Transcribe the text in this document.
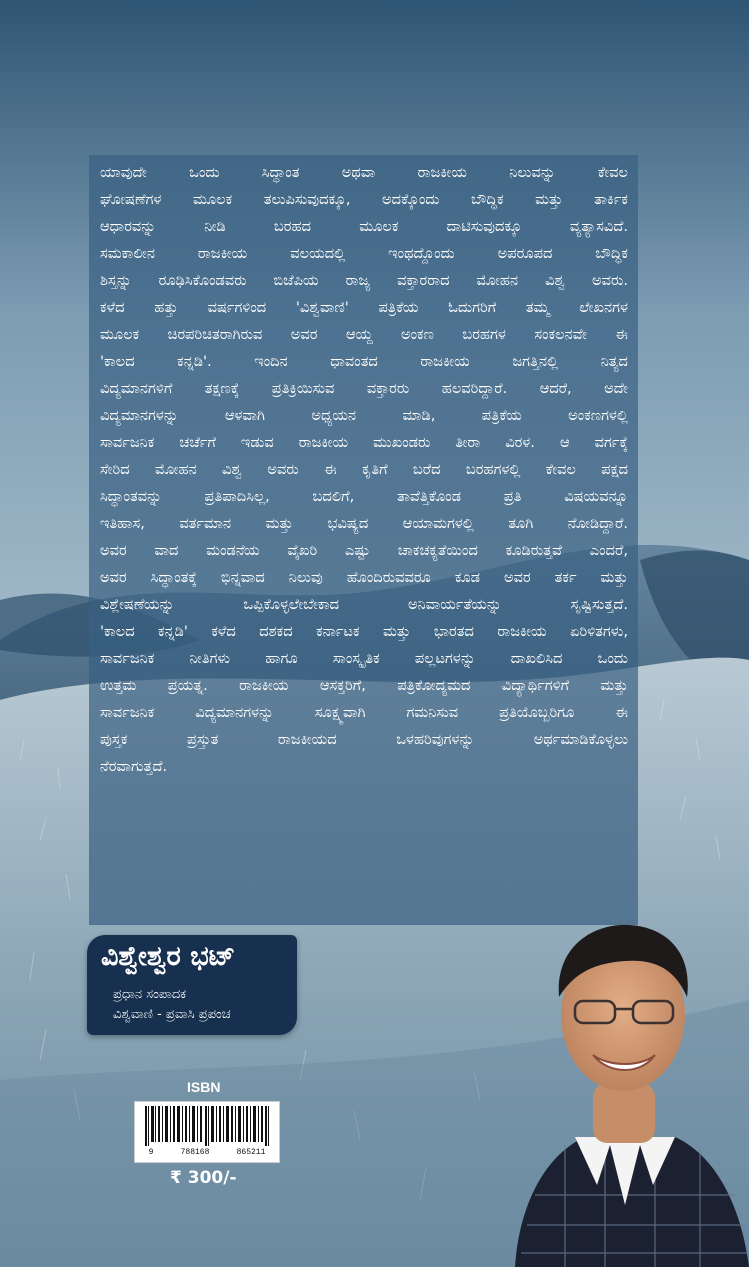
ಯಾವುದೇ ಒಂದು ಸಿದ್ಧಾಂತ ಅಥವಾ ರಾಜಕೀಯ ನಿಲುವನ್ನು ಕೇವಲ

ಘೋಷಣೆಗಳ ಮೂಲಕ ತಲುಪಿಸುವುದಕ್ಕೂ, ಅದಕ್ಕೊಂದು ಬೌದ್ಧಿಕ ಮತ್ತು ತಾರ್ಕಿಕ

ಆಧಾರವನ್ನು ನೀಡಿ ಬರಹದ ಮೂಲಕ ದಾಟಿಸುವುದಕ್ಕೂ ವ್ಯತ್ಯಾಸವಿದೆ.

ಸಮಕಾಲೀನ ರಾಜಕೀಯ ವಲಯದಲ್ಲಿ ಇಂಥದ್ದೊಂದು ಅಪರೂಪದ ಬೌದ್ಧಿಕ

ಶಿಸ್ತನ್ನು ರೂಢಿಸಿಕೊಂಡವರು ಬಿಜೆಪಿಯ ರಾಜ್ಯ ವಕ್ತಾರರಾದ ಮೋಹನ ವಿಶ್ವ ಅವರು.

ಕಳೆದ ಹತ್ತು ವರ್ಷಗಳಿಂದ 'ವಿಶ್ವವಾಣಿ' ಪತ್ರಿಕೆಯ ಓದುಗರಿಗೆ ತಮ್ಮ ಲೇಖನಗಳ

ಮೂಲಕ ಚಿರಪರಿಚಿತರಾಗಿರುವ ಅವರ ಆಯ್ದ ಅಂಕಣ ಬರಹಗಳ ಸಂಕಲನವೇ ಈ

'ಕಾಲದ ಕನ್ನಡಿ'. ಇಂದಿನ ಧಾವಂತದ ರಾಜಕೀಯ ಜಗತ್ತಿನಲ್ಲಿ ನಿತ್ಯದ

ವಿದ್ಯಮಾನಗಳಿಗೆ ತಕ್ಷಣಕ್ಕೆ ಪ್ರತಿಕ್ರಿಯಿಸುವ ವಕ್ತಾರರು ಹಲವರಿದ್ದಾರೆ. ಆದರೆ, ಅದೇ

ವಿದ್ಯಮಾನಗಳನ್ನು ಆಳವಾಗಿ ಅಧ್ಯಯನ ಮಾಡಿ, ಪತ್ರಿಕೆಯ ಅಂಕಣಗಳಲ್ಲಿ

ಸಾರ್ವಜನಿಕ ಚರ್ಚೆಗೆ ಇಡುವ ರಾಜಕೀಯ ಮುಖಂಡರು ತೀರಾ ವಿರಳ. ಆ ವರ್ಗಕ್ಕೆ

ಸೇರಿದ ಮೋಹನ ವಿಶ್ವ ಅವರು ಈ ಕೃತಿಗೆ ಬರೆದ ಬರಹಗಳಲ್ಲಿ ಕೇವಲ ಪಕ್ಷದ

ಸಿದ್ಧಾಂತವನ್ನು ಪ್ರತಿಪಾದಿಸಿಲ್ಲ, ಬದಲಿಗೆ, ತಾವೆತ್ತಿಕೊಂಡ ಪ್ರತಿ ವಿಷಯವನ್ನೂ

ಇತಿಹಾಸ, ವರ್ತಮಾನ ಮತ್ತು ಭವಿಷ್ಯದ ಆಯಾಮಗಳಲ್ಲಿ ತೂಗಿ ನೋಡಿದ್ದಾರೆ.

ಅವರ ವಾದ ಮಂಡನೆಯ ವೈಖರಿ ಎಷ್ಟು ಚಾಕಚಕ್ಯತೆಯಿಂದ ಕೂಡಿರುತ್ತವೆ ಎಂದರೆ,

ಅವರ ಸಿದ್ಧಾಂತಕ್ಕೆ ಭಿನ್ನವಾದ ನಿಲುವು ಹೊಂದಿರುವವರೂ ಕೂಡ ಅವರ ತರ್ಕ ಮತ್ತು

ವಿಶ್ಲೇಷಣೆಯನ್ನು ಒಪ್ಪಿಕೊಳ್ಳಲೇಬೇಕಾದ ಅನಿವಾರ್ಯತೆಯನ್ನು ಸೃಷ್ಟಿಸುತ್ತದೆ.

'ಕಾಲದ ಕನ್ನಡಿ' ಕಳೆದ ದಶಕದ ಕರ್ನಾಟಕ ಮತ್ತು ಭಾರತದ ರಾಜಕೀಯ ಏರಿಳಿತಗಳು,

ಸಾರ್ವಜನಿಕ ನೀತಿಗಳು ಹಾಗೂ ಸಾಂಸ್ಕೃತಿಕ ಪಲ್ಲಟಗಳನ್ನು ದಾಖಲಿಸಿದ ಒಂದು

ಉತ್ತಮ ಪ್ರಯತ್ನ. ರಾಜಕೀಯ ಆಸಕ್ತರಿಗೆ, ಪತ್ರಿಕೋದ್ಯಮದ ವಿದ್ಯಾರ್ಥಿಗಳಿಗೆ ಮತ್ತು

ಸಾರ್ವಜನಿಕ ವಿದ್ಯಮಾನಗಳನ್ನು ಸೂಕ್ಷ್ಮವಾಗಿ ಗಮನಿಸುವ ಪ್ರತಿಯೊಬ್ಬರಿಗೂ ಈ

ಪುಸ್ತಕ ಪ್ರಸ್ತುತ ರಾಜಕೀಯದ ಒಳಹರಿವುಗಳನ್ನು ಅರ್ಥಮಾಡಿಕೊಳ್ಳಲು

ನೆರವಾಗುತ್ತದೆ.

ವಿಶ್ವೇಶ್ವರ ಭಟ್
ಪ್ರಧಾನ ಸಂಪಾದಕ
ವಿಶ್ವವಾಣಿ - ಪ್ರವಾಸಿ ಪ್ರಪಂಚ
ISBN
9	788168	865211
₹ 300/-
